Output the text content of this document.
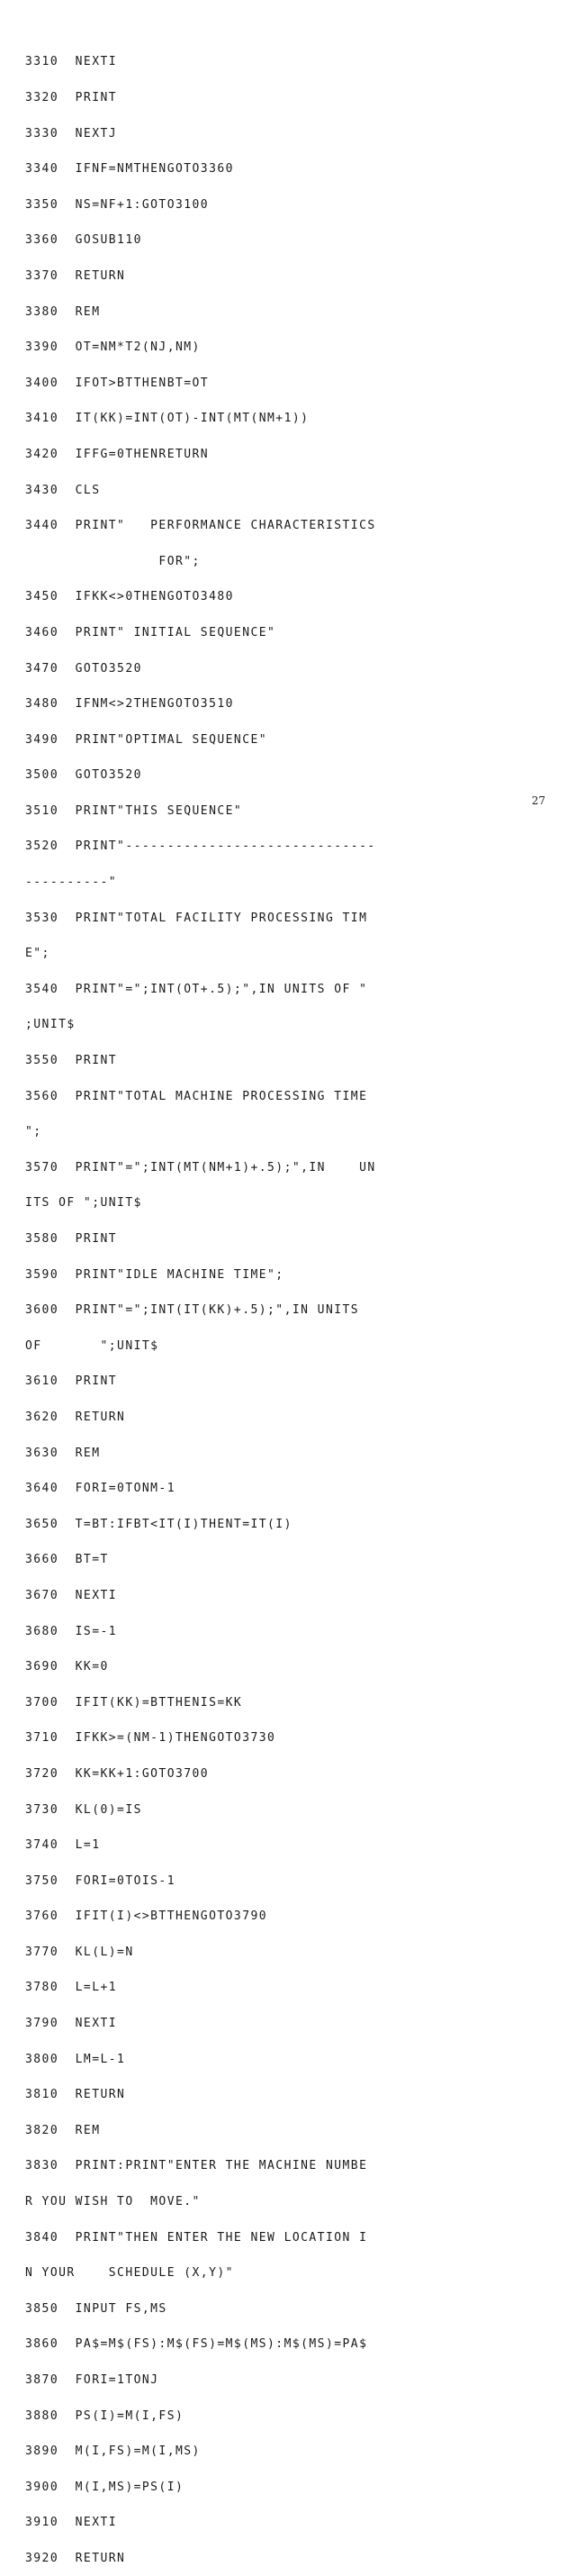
3310  NEXTI

3320  PRINT

3330  NEXTJ

3340  IFNF=NMTHENGOTO3360

3350  NS=NF+1:GOTO3100

3360  GOSUB110

3370  RETURN

3380  REM

3390  OT=NM*T2(NJ,NM)

3400  IFOT>BTTHENBT=OT

3410  IT(KK)=INT(OT)-INT(MT(NM+1))

3420  IFFG=0THENRETURN

3430  CLS

3440  PRINT"   PERFORMANCE CHARACTERISTICS

FOR";

3450  IFKK<>0THENGOTO3480

3460  PRINT" INITIAL SEQUENCE"

3470  GOTO3520

3480  IFNM<>2THENGOTO3510

3490  PRINT"OPTIMAL SEQUENCE"

3500  GOTO3520

3510  PRINT"THIS SEQUENCE"

3520  PRINT"------------------------------

----------"

3530  PRINT"TOTAL FACILITY PROCESSING TIM

E";

3540  PRINT"=";INT(OT+.5);",IN UNITS OF "

;UNIT$

3550  PRINT

3560  PRINT"TOTAL MACHINE PROCESSING TIME

";

3570  PRINT"=";INT(MT(NM+1)+.5);",IN    UN

ITS OF ";UNIT$

3580  PRINT

3590  PRINT"IDLE MACHINE TIME";

3600  PRINT"=";INT(IT(KK)+.5);",IN UNITS

OF       ";UNIT$

3610  PRINT

3620  RETURN

3630  REM

3640  FORI=0TONM-1

3650  T=BT:IFBT<IT(I)THENT=IT(I)

3660  BT=T

3670  NEXTI

3680  IS=-1

3690  KK=0

3700  IFIT(KK)=BTTHENIS=KK

3710  IFKK>=(NM-1)THENGOTO3730

3720  KK=KK+1:GOTO3700

3730  KL(0)=IS

3740  L=1

3750  FORI=0TOIS-1

3760  IFIT(I)<>BTTHENGOTO3790

3770  KL(L)=N

3780  L=L+1

3790  NEXTI

3800  LM=L-1

3810  RETURN

3820  REM

3830  PRINT:PRINT"ENTER THE MACHINE NUMBE

R YOU WISH TO  MOVE."

3840  PRINT"THEN ENTER THE NEW LOCATION I

N YOUR    SCHEDULE (X,Y)"

3850  INPUT FS,MS

3860  PA$=M$(FS):M$(FS)=M$(MS):M$(MS)=PA$

3870  FORI=1TONJ

3880  PS(I)=M(I,FS)

3890  M(I,FS)=M(I,MS)

3900  M(I,MS)=PS(I)

3910  NEXTI

3920  RETURN

27
